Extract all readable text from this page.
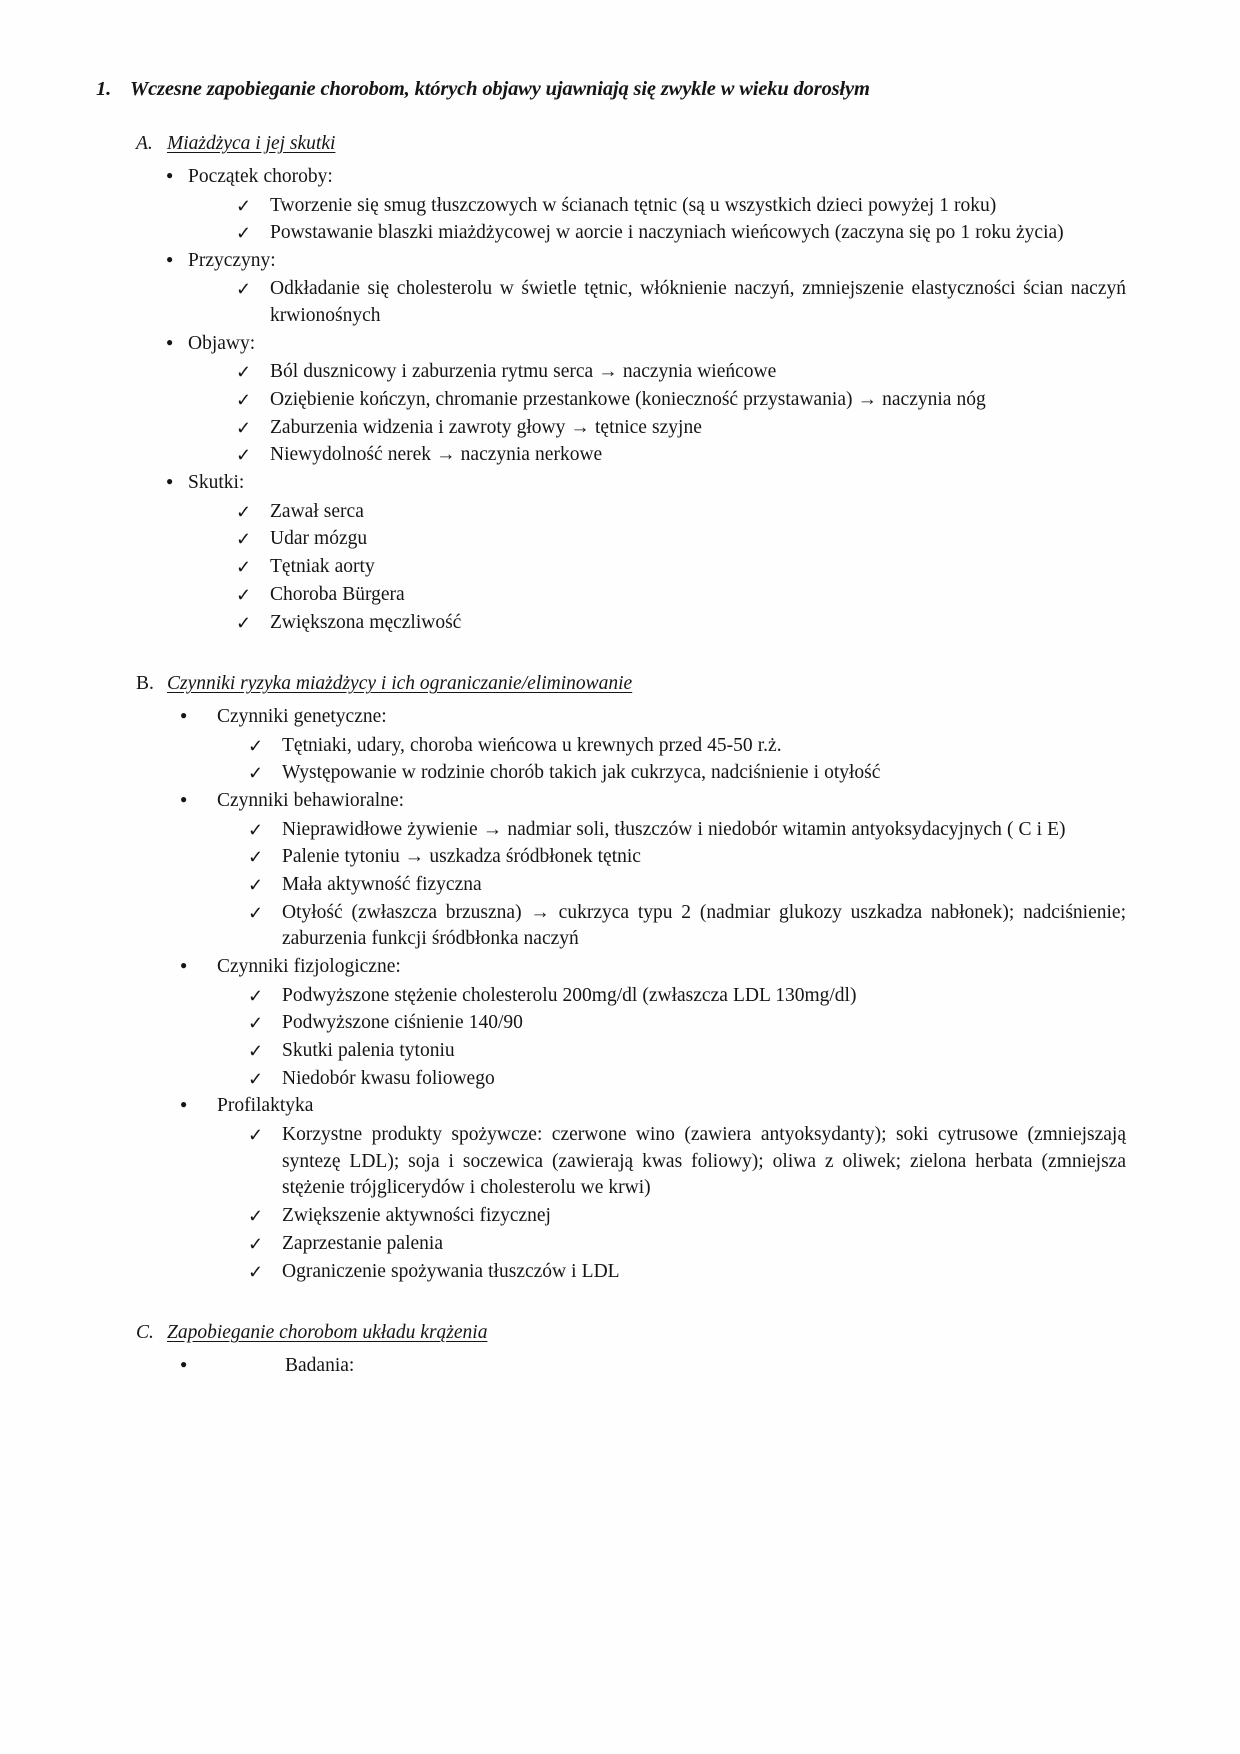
1. Wczesne zapobieganie chorobom, których objawy ujawniają się zwykle w wieku dorosłym
A. Miażdżyca i jej skutki
● Początek choroby:
✓ Tworzenie się smug tłuszczowych w ścianach tętnic (są u wszystkich dzieci powyżej 1 roku)
✓ Powstawanie blaszki miażdżycowej w aorcie i naczyniach wieńcowych (zaczyna się po 1 roku życia)
● Przyczyny:
✓ Odkładanie się cholesterolu w świetle tętnic, włóknienie naczyń, zmniejszenie elastyczności ścian naczyń krwionośnych
● Objawy:
✓ Ból dusznicowy i zaburzenia rytmu serca → naczynia wieńcowe
✓ Oziębienie kończyn, chromanie przestankowe (konieczność przystawania) → naczynia nóg
✓ Zaburzenia widzenia i zawroty głowy → tętnice szyjne
✓ Niewydolność nerek → naczynia nerkowe
● Skutki:
✓ Zawał serca
✓ Udar mózgu
✓ Tętniak aorty
✓ Choroba Bürgera
✓ Zwiększona męczliwość
B. Czynniki ryzyka miażdżycy i ich ograniczanie/eliminowanie
●	Czynniki genetyczne:
✓ Tętniaki, udary, choroba wieńcowa u krewnych przed 45-50 r.ż.
✓ Występowanie w rodzinie chorób takich jak cukrzyca, nadciśnienie i otyłość
●	Czynniki behawioralne:
✓ Nieprawidłowe żywienie → nadmiar soli, tłuszczów i niedobór witamin antyoksydacyjnych ( C i E)
✓ Palenie tytoniu → uszkadza śródbłonek tętnic
✓ Mała aktywność fizyczna
✓ Otyłość (zwłaszcza brzuszna) → cukrzyca typu 2 (nadmiar glukozy uszkadza nabłonek); nadciśnienie; zaburzenia funkcji śródbłonka naczyń
●	Czynniki fizjologiczne:
✓ Podwyższone stężenie cholesterolu 200mg/dl (zwłaszcza LDL 130mg/dl)
✓ Podwyższone ciśnienie 140/90
✓ Skutki palenia tytoniu
✓ Niedobór kwasu foliowego
●	Profilaktyka
✓ Korzystne produkty spożywcze: czerwone wino (zawiera antyoksydanty); soki cytrusowe (zmniejszają syntezę LDL); soja i soczewica (zawierają kwas foliowy); oliwa z oliwek; zielona herbata (zmniejsza stężenie trójglicerydów i cholesterolu we krwi)
✓ Zwiększenie aktywności fizycznej
✓ Zaprzestanie palenia
✓ Ograniczenie spożywania tłuszczów i LDL
C. Zapobieganie chorobom układu krążenia
●	Badania:
